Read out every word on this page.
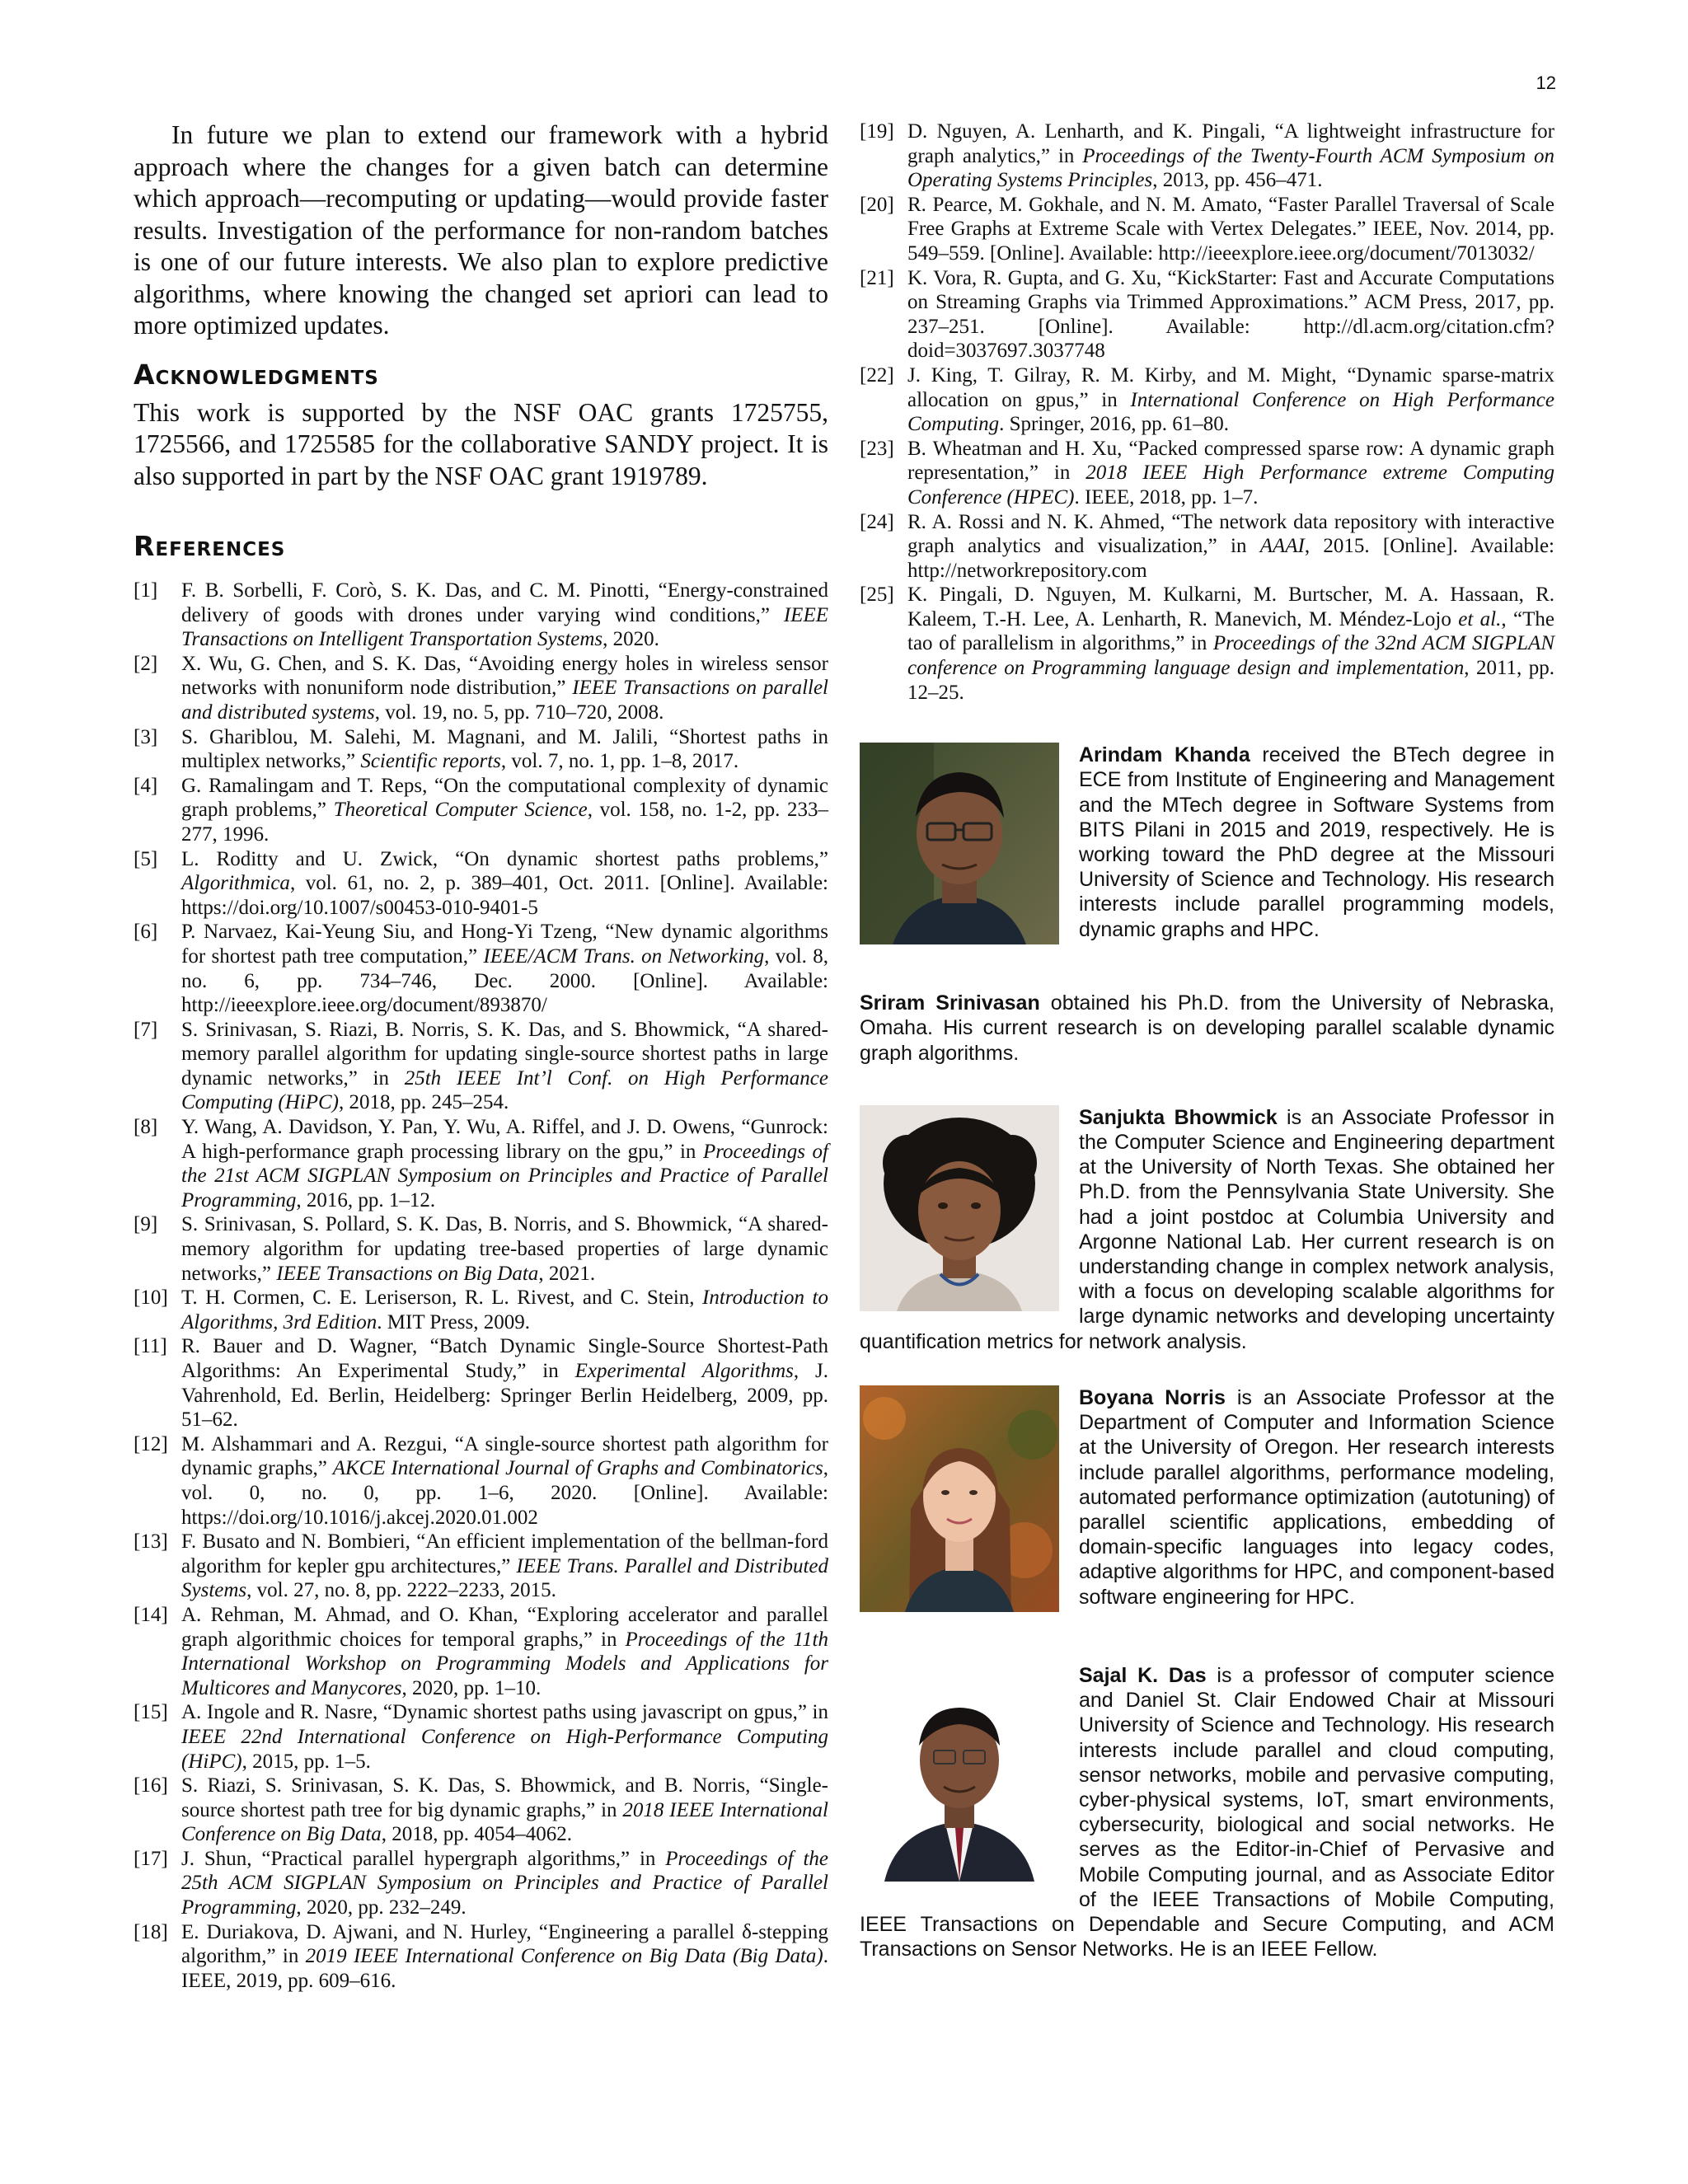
12

In future we plan to extend our framework with a hybrid approach where the changes for a given batch can determine which approach—recomputing or updating—would provide faster results. Investigation of the performance for non-random batches is one of our future interests. We also plan to explore predictive algorithms, where knowing the changed set apriori can lead to more optimized updates.

Acknowledgments

This work is supported by the NSF OAC grants 1725755, 1725566, and 1725585 for the collaborative SANDY project. It is also supported in part by the NSF OAC grant 1919789.

References
[1]	F. B. Sorbelli, F. Corò, S. K. Das, and C. M. Pinotti, “Energy-constrained delivery of goods with drones under varying wind conditions,” IEEE Transactions on Intelligent Transportation Systems, 2020.
[2]	X. Wu, G. Chen, and S. K. Das, “Avoiding energy holes in wireless sensor networks with nonuniform node distribution,” IEEE Transactions on parallel and distributed systems, vol. 19, no. 5, pp. 710–720, 2008.
[3]	S. Ghariblou, M. Salehi, M. Magnani, and M. Jalili, “Shortest paths in multiplex networks,” Scientific reports, vol. 7, no. 1, pp. 1–8, 2017.
[4]	G. Ramalingam and T. Reps, “On the computational complexity of dynamic graph problems,” Theoretical Computer Science, vol. 158, no. 1-2, pp. 233–277, 1996.
[5]	L. Roditty and U. Zwick, “On dynamic shortest paths problems,” Algorithmica, vol. 61, no. 2, p. 389–401, Oct. 2011. [Online]. Available: https://doi.org/10.1007/s00453-010-9401-5
[6]	P. Narvaez, Kai-Yeung Siu, and Hong-Yi Tzeng, “New dynamic algorithms for shortest path tree computation,” IEEE/ACM Trans. on Networking, vol. 8, no. 6, pp. 734–746, Dec. 2000. [Online]. Available: http://ieeexplore.ieee.org/document/893870/
[7]	S. Srinivasan, S. Riazi, B. Norris, S. K. Das, and S. Bhowmick, “A shared-memory parallel algorithm for updating single-source shortest paths in large dynamic networks,” in 25th IEEE Int’l Conf. on High Performance Computing (HiPC), 2018, pp. 245–254.
[8]	Y. Wang, A. Davidson, Y. Pan, Y. Wu, A. Riffel, and J. D. Owens, “Gunrock: A high-performance graph processing library on the gpu,” in Proceedings of the 21st ACM SIGPLAN Symposium on Principles and Practice of Parallel Programming, 2016, pp. 1–12.
[9]	S. Srinivasan, S. Pollard, S. K. Das, B. Norris, and S. Bhowmick, “A shared-memory algorithm for updating tree-based properties of large dynamic networks,” IEEE Transactions on Big Data, 2021.
[10] T. H. Cormen, C. E. Leriserson, R. L. Rivest, and C. Stein, Introduction to Algorithms, 3rd Edition. MIT Press, 2009.
[11] R. Bauer and D. Wagner, “Batch Dynamic Single-Source Shortest-Path Algorithms: An Experimental Study,” in Experimental Algorithms, J. Vahrenhold, Ed. Berlin, Heidelberg: Springer Berlin Heidelberg, 2009, pp. 51–62.
[12] M. Alshammari and A. Rezgui, “A single-source shortest path algorithm for dynamic graphs,” AKCE International Journal of Graphs and Combinatorics, vol. 0, no. 0, pp. 1–6, 2020. [Online]. Available: https://doi.org/10.1016/j.akcej.2020.01.002
[13] F. Busato and N. Bombieri, “An efficient implementation of the bellman-ford algorithm for kepler gpu architectures,” IEEE Trans. Parallel and Distributed Systems, vol. 27, no. 8, pp. 2222–2233, 2015.
[14] A. Rehman, M. Ahmad, and O. Khan, “Exploring accelerator and parallel graph algorithmic choices for temporal graphs,” in Proceedings of the 11th International Workshop on Programming Models and Applications for Multicores and Manycores, 2020, pp. 1–10.
[15] A. Ingole and R. Nasre, “Dynamic shortest paths using javascript on gpus,” in IEEE 22nd International Conference on High-Performance Computing (HiPC), 2015, pp. 1–5.
[16] S. Riazi, S. Srinivasan, S. K. Das, S. Bhowmick, and B. Norris, “Single-source shortest path tree for big dynamic graphs,” in 2018 IEEE International Conference on Big Data, 2018, pp. 4054–4062.
[17] J. Shun, “Practical parallel hypergraph algorithms,” in Proceedings of the 25th ACM SIGPLAN Symposium on Principles and Practice of Parallel Programming, 2020, pp. 232–249.
[18] E. Duriakova, D. Ajwani, and N. Hurley, “Engineering a parallel δ-stepping algorithm,” in 2019 IEEE International Conference on Big Data (Big Data). IEEE, 2019, pp. 609–616.
[19] D. Nguyen, A. Lenharth, and K. Pingali, “A lightweight infrastructure for graph analytics,” in Proceedings of the Twenty-Fourth ACM Symposium on Operating Systems Principles, 2013, pp. 456–471.
[20] R. Pearce, M. Gokhale, and N. M. Amato, “Faster Parallel Traversal of Scale Free Graphs at Extreme Scale with Vertex Delegates.” IEEE, Nov. 2014, pp. 549–559. [Online]. Available: http://ieeexplore.ieee.org/document/7013032/
[21] K. Vora, R. Gupta, and G. Xu, “KickStarter: Fast and Accurate Computations on Streaming Graphs via Trimmed Approximations.” ACM Press, 2017, pp. 237–251. [Online]. Available: http://dl.acm.org/citation.cfm?doid=3037697.3037748
[22] J. King, T. Gilray, R. M. Kirby, and M. Might, “Dynamic sparse-matrix allocation on gpus,” in International Conference on High Performance Computing. Springer, 2016, pp. 61–80.
[23] B. Wheatman and H. Xu, “Packed compressed sparse row: A dynamic graph representation,” in 2018 IEEE High Performance extreme Computing Conference (HPEC). IEEE, 2018, pp. 1–7.
[24] R. A. Rossi and N. K. Ahmed, “The network data repository with interactive graph analytics and visualization,” in AAAI, 2015. [Online]. Available: http://networkrepository.com
[25] K. Pingali, D. Nguyen, M. Kulkarni, M. Burtscher, M. A. Hassaan, R. Kaleem, T.-H. Lee, A. Lenharth, R. Manevich, M. Méndez-Lojo et al., “The tao of parallelism in algorithms,” in Proceedings of the 32nd ACM SIGPLAN conference on Programming language design and implementation, 2011, pp. 12–25.
Arindam Khanda received the BTech degree in ECE from Institute of Engineering and Management and the MTech degree in Software Systems from BITS Pilani in 2015 and 2019, respectively. He is working toward the PhD degree at the Missouri University of Science and Technology. His research interests include parallel programming models, dynamic graphs and HPC.
Sriram Srinivasan obtained his Ph.D. from the University of Nebraska, Omaha. His current research is on developing parallel scalable dynamic graph algorithms.
Sanjukta Bhowmick is an Associate Professor in the Computer Science and Engineering department at the University of North Texas. She obtained her Ph.D. from the Pennsylvania State University. She had a joint postdoc at Columbia University and Argonne National Lab. Her current research is on understanding change in complex network analysis, with a focus on developing scalable algorithms for large dynamic networks and developing uncertainty quantification metrics for network analysis.
Boyana Norris is an Associate Professor at the Department of Computer and Information Science at the University of Oregon. Her research interests include parallel algorithms, performance modeling, automated performance optimization (autotuning) of parallel scientific applications, embedding of domain-specific languages into legacy codes, adaptive algorithms for HPC, and component-based software engineering for HPC.
Sajal K. Das is a professor of computer science and Daniel St. Clair Endowed Chair at Missouri University of Science and Technology. His research interests include parallel and cloud computing, sensor networks, mobile and pervasive computing, cyber-physical systems, IoT, smart environments, cybersecurity, biological and social networks. He serves as the Editor-in-Chief of Pervasive and Mobile Computing journal, and as Associate Editor of the IEEE Transactions of Mobile Computing, IEEE Transactions on Dependable and Secure Computing, and ACM Transactions on Sensor Networks. He is an IEEE Fellow.
